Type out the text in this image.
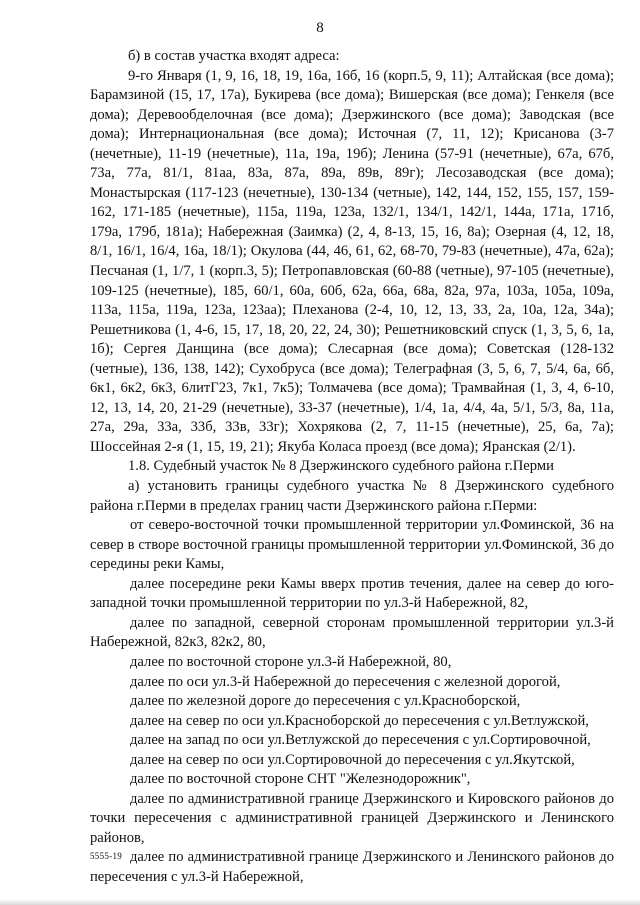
8

б) в состав участка входят адреса:

9-го Января (1, 9, 16, 18, 19, 16а, 16б, 16 (корп.5, 9, 11); Алтайская (все дома); Барамзиной (15, 17, 17а), Букирева (все дома); Вишерская (все дома); Генкеля (все дома); Деревообделочная (все дома); Дзержинского (все дома); Заводская (все дома); Интернациональная (все дома); Источная (7, 11, 12); Крисанова (3-7 (нечетные), 11-19 (нечетные), 11а, 19а, 19б); Ленина (57-91 (нечетные), 67а, 67б, 73а, 77а, 81/1, 81аа, 83а, 87а, 89а, 89в, 89г); Лесозаводская (все дома); Монастырская (117-123 (нечетные), 130-134 (четные), 142, 144, 152, 155, 157, 159-162, 171-185 (нечетные), 115а, 119а, 123а, 132/1, 134/1, 142/1, 144а, 171а, 171б, 179а, 179б, 181а); Набережная (Заимка) (2, 4, 8-13, 15, 16, 8а); Озерная (4, 12, 18, 8/1, 16/1, 16/4, 16а, 18/1); Окулова (44, 46, 61, 62, 68-70, 79-83 (нечетные), 47а, 62а); Песчаная (1, 1/7, 1 (корп.3, 5); Петропавловская (60-88 (четные), 97-105 (нечетные), 109-125 (нечетные), 185, 60/1, 60а, 60б, 62а, 66а, 68а, 82а, 97а, 103а, 105а, 109а, 113а, 115а, 119а, 123а, 123аа); Плеханова (2-4, 10, 12, 13, 33, 2а, 10а, 12а, 34а); Решетникова (1, 4-6, 15, 17, 18, 20, 22, 24, 30); Решетниковский спуск (1, 3, 5, 6, 1а, 1б); Сергея Данщина (все дома); Слесарная (все дома); Советская (128-132 (четные), 136, 138, 142); Сухобруса (все дома); Телеграфная (3, 5, 6, 7, 5/4, 6а, 6б, 6к1, 6к2, 6к3, 6литГ23, 7к1, 7к5); Толмачева (все дома); Трамвайная (1, 3, 4, 6-10, 12, 13, 14, 20, 21-29 (нечетные), 33-37 (нечетные), 1/4, 1а, 4/4, 4а, 5/1, 5/3, 8а, 11а, 27а, 29а, 33а, 33б, 33в, 33г); Хохрякова (2, 7, 11-15 (нечетные), 25, 6а, 7а); Шоссейная 2-я (1, 15, 19, 21); Якуба Коласа проезд (все дома); Яранская (2/1).

1.8. Судебный участок № 8 Дзержинского судебного района г.Перми

а) установить границы судебного участка № 8 Дзержинского судебного района г.Перми в пределах границ части Дзержинского района г.Перми:

от северо-восточной точки промышленной территории ул.Фоминской, 36 на север в створе восточной границы промышленной территории ул.Фоминской, 36 до середины реки Камы,

далее посередине реки Камы вверх против течения, далее на север до юго-западной точки промышленной территории по ул.3-й Набережной, 82,

далее по западной, северной сторонам промышленной территории ул.3-й Набережной, 82к3, 82к2, 80,

далее по восточной стороне ул.3-й Набережной, 80,

далее по оси ул.3-й Набережной до пересечения с железной дорогой,

далее по железной дороге до пересечения с ул.Красноборской,

далее на север по оси ул.Красноборской до пересечения с ул.Ветлужской,

далее на запад по оси ул.Ветлужской до пересечения с ул.Сортировочной,

далее на север по оси ул.Сортировочной до пересечения с ул.Якутской,

далее по восточной стороне СНТ "Железнодорожник",

далее по административной границе Дзержинского и Кировского районов до точки пересечения с административной границей Дзержинского и Ленинского районов,

далее по административной границе Дзержинского и Ленинского районов до пересечения с ул.3-й Набережной,

5555-19
